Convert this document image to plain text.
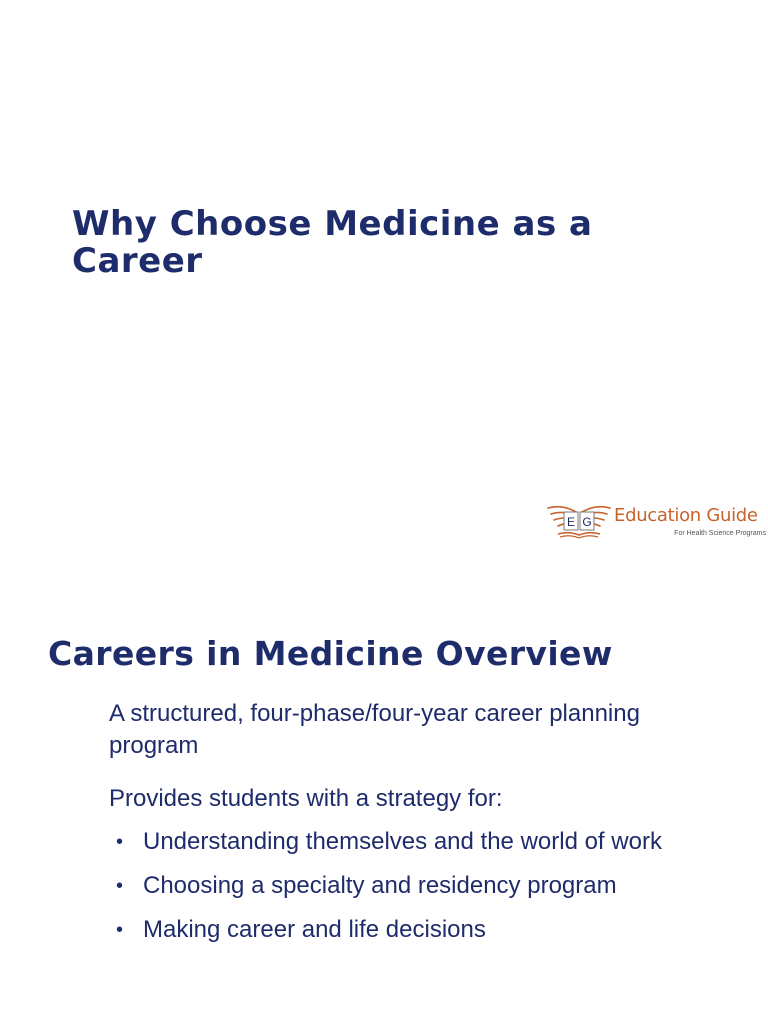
Why Choose Medicine as a Career
E G Education Guide
For Health Science Programs
Careers in Medicine Overview

A structured, four-phase/four-year career planning program

Provides students with a strategy for:

• Understanding themselves and the world of work
• Choosing a specialty and residency program
• Making career and life decisions
